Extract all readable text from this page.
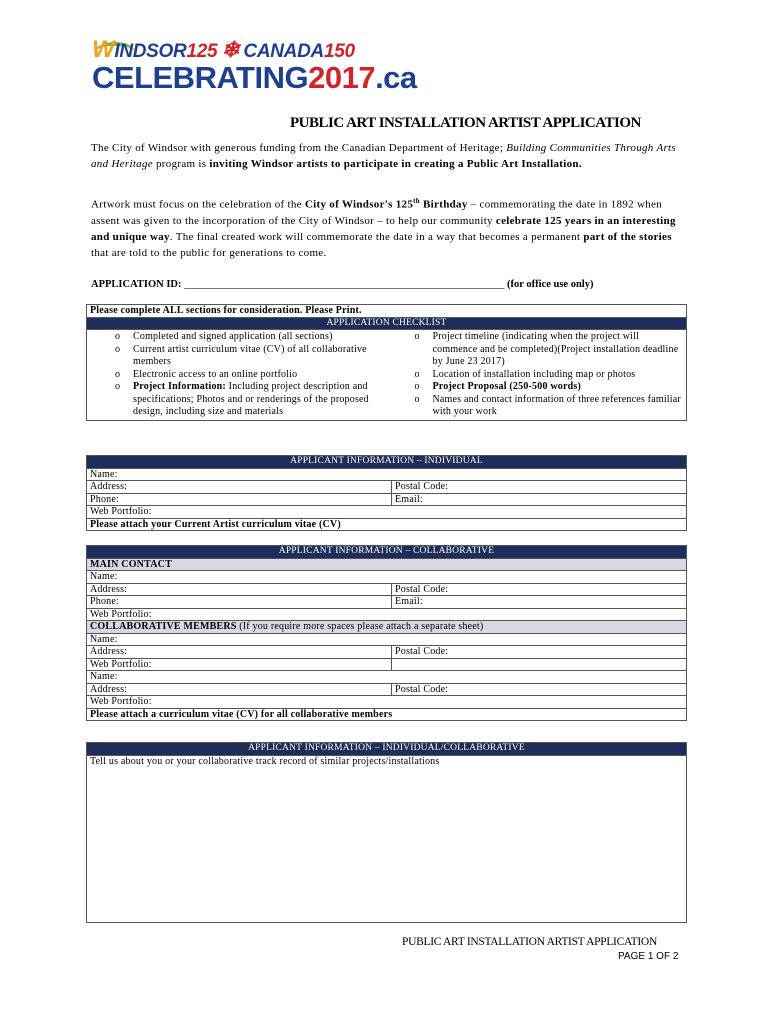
WINDSOR125 ❄ CANADA150
CELEBRATING2017.ca
PUBLIC ART INSTALLATION ARTIST APPLICATION
The City of Windsor with generous funding from the Canadian Department of Heritage; Building Communities Through Arts and Heritage program is inviting Windsor artists to participate in creating a Public Art Installation.
Artwork must focus on the celebration of the City of Windsor's 125th Birthday – commemorating the date in 1892 when assent was given to the incorporation of the City of Windsor – to help our community celebrate 125 years in an interesting and unique way. The final created work will commemorate the date in a way that becomes a permanent part of the stories that are told to the public for generations to come.
APPLICATION ID: _____________________________________________________________ (for office use only)
Please complete ALL sections for consideration. Please Print.
APPLICATION CHECKLIST

o Completed and signed application (all sections)
o Current artist curriculum vitae (CV) of all collaborative members
o Electronic access to an online portfolio
o Project Information: Including project description and specifications; Photos and or renderings of the proposed design, including size and materials
o Project timeline (indicating when the project will commence and be completed)(Project installation deadline by June 23 2017)
o Location of installation including map or photos
o Project Proposal (250-500 words)
o Names and contact information of three references familiar with your work
APPLICANT INFORMATION – INDIVIDUAL	
Name:	
Address:	Postal Code:
Phone:	Email:
Web Portfolio:	
Please attach your Current Artist curriculum vitae (CV)	
APPLICANT INFORMATION – COLLABORATIVE	
MAIN CONTACT	
Name:	
Address:	Postal Code:
Phone:	Email:
Web Portfolio:	
COLLABORATIVE MEMBERS (If you require more spaces please attach a separate sheet)	
Name:	
Address:	Postal Code:
Web Portfolio:	
Name:	
Address:	Postal Code:
Web Portfolio:	
Please attach a curriculum vitae (CV) for all collaborative members	
APPLICANT INFORMATION – INDIVIDUAL/COLLABORATIVE
Tell us about you or your collaborative track record of similar projects/installations
PUBLIC ART INSTALLATION ARTIST APPLICATION
PAGE 1 OF 2
